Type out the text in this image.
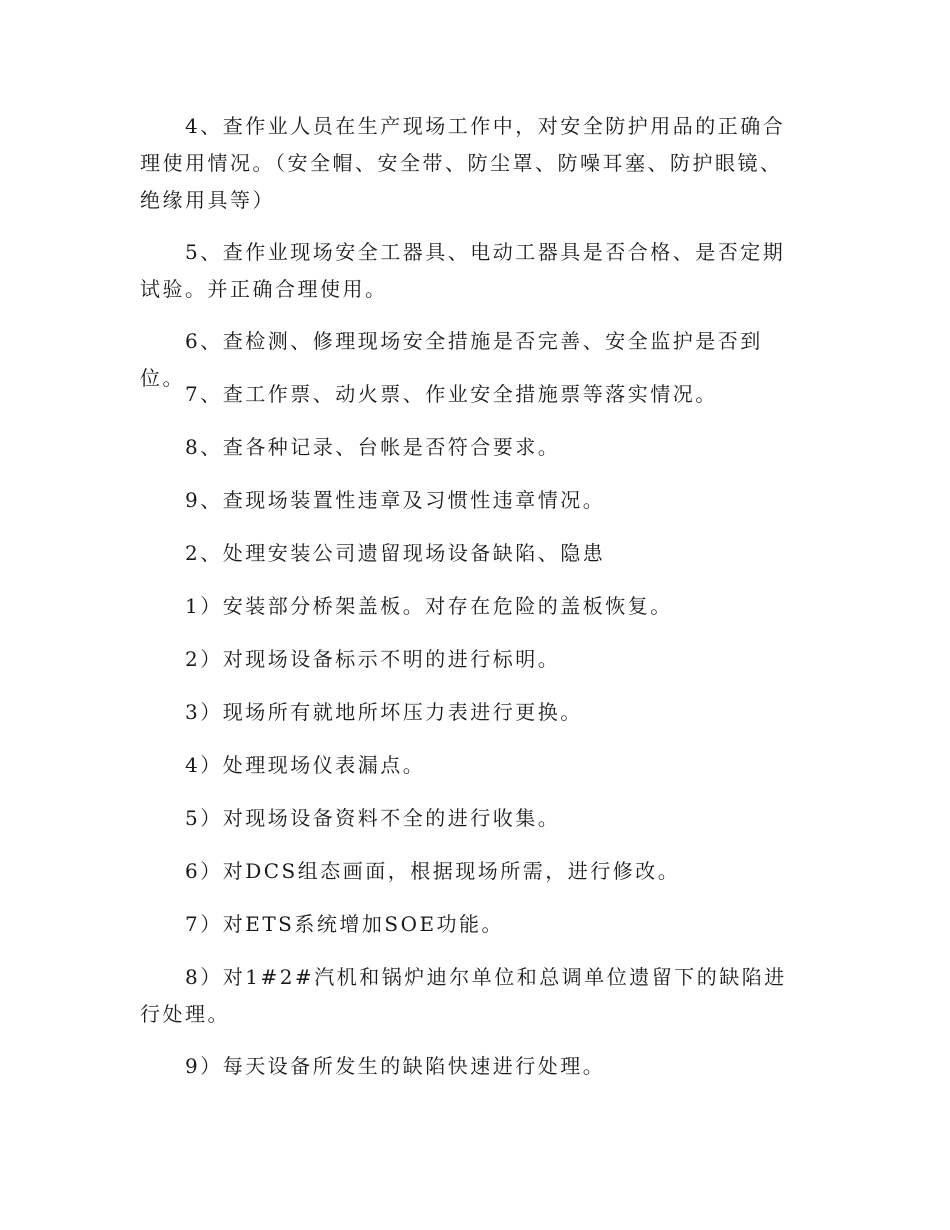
4、查作业人员在生产现场工作中，对安全防护用品的正确合理使用情况。（安全帽、安全带、防尘罩、防噪耳塞、防护眼镜、绝缘用具等）

5、查作业现场安全工器具、电动工器具是否合格、是否定期试验。并正确合理使用。

6、查检测、修理现场安全措施是否完善、安全监护是否到位。

7、查工作票、动火票、作业安全措施票等落实情况。

8、查各种记录、台帐是否符合要求。

9、查现场装置性违章及习惯性违章情况。

2、处理安装公司遗留现场设备缺陷、隐患

1）安装部分桥架盖板。对存在危险的盖板恢复。

2）对现场设备标示不明的进行标明。

3）现场所有就地所坏压力表进行更换。

4）处理现场仪表漏点。

5）对现场设备资料不全的进行收集。

6）对DCS组态画面，根据现场所需，进行修改。

7）对ETS系统增加SOE功能。

8）对1#2#汽机和锅炉迪尔单位和总调单位遗留下的缺陷进行处理。

9）每天设备所发生的缺陷快速进行处理。
